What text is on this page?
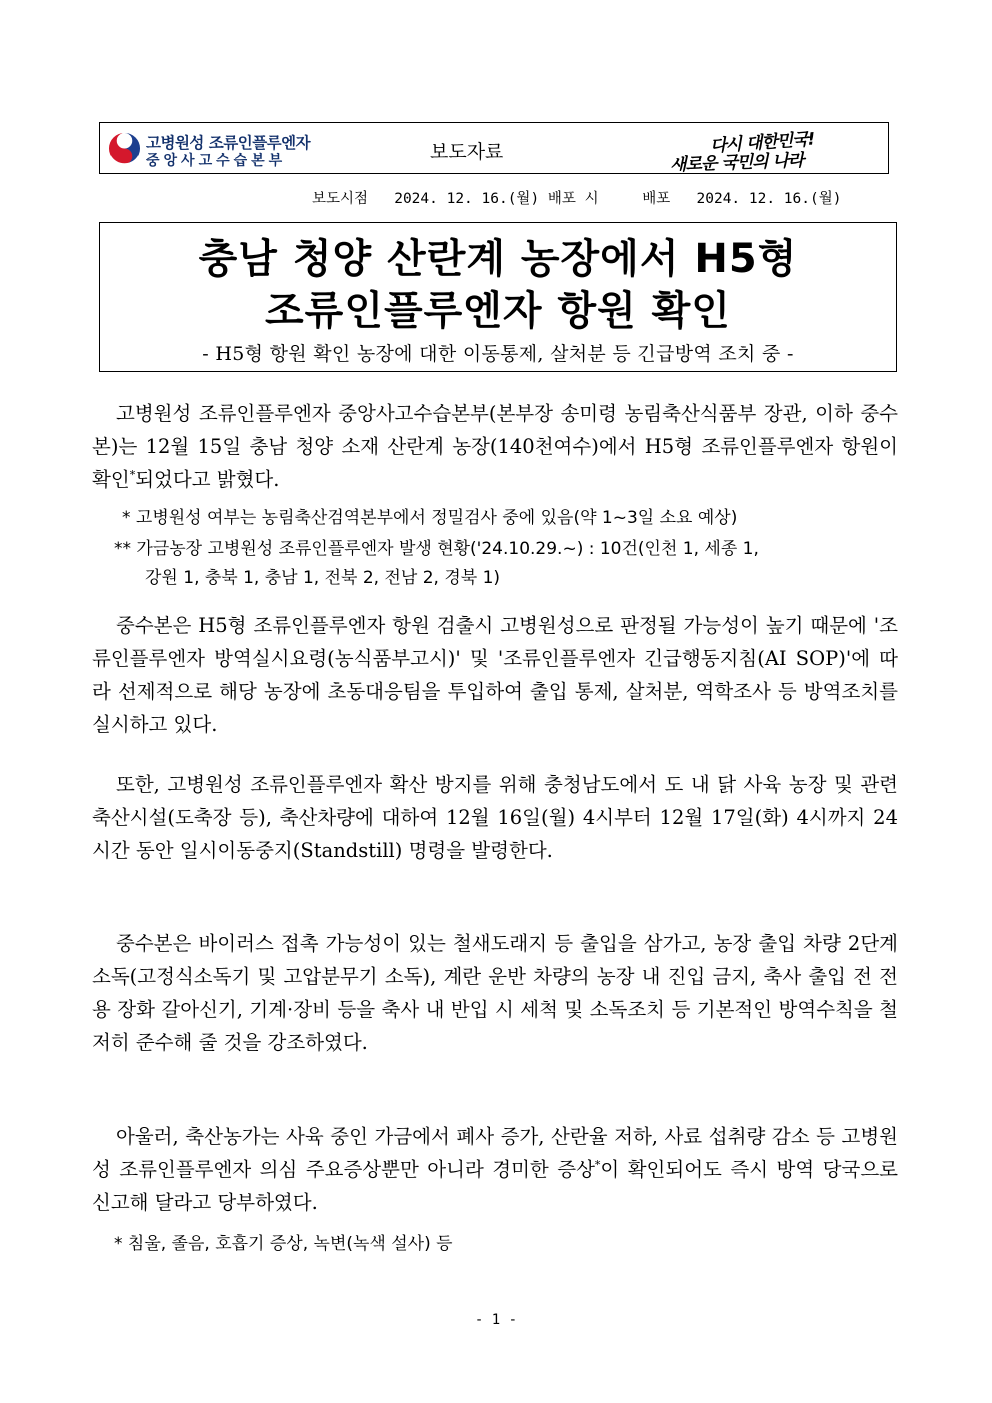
고병원성 조류인플루엔자
중앙사고수습본부	보도자료	다시 대한민국!
새로운 국민의 나라
보도시점   2024. 12. 16.(월) 배포 시     배포   2024. 12. 16.(월)
충남 청양 산란계 농장에서 H5형
조류인플루엔자 항원 확인
- H5형 항원 확인 농장에 대한 이동통제, 살처분 등 긴급방역 조치 중 -

고병원성 조류인플루엔자 중앙사고수습본부(본부장 송미령 농림축산식품부 장관, 이하 중수본)는 12월 15일 충남 청양 소재 산란계 농장(140천여수)에서 H5형 조류인플루엔자 항원이 확인*되었다고 밝혔다.

* 고병원성 여부는 농림축산검역본부에서 정밀검사 중에 있음(약 1~3일 소요 예상)
** 가금농장 고병원성 조류인플루엔자 발생 현황('24.10.29.~) : 10건(인천 1, 세종 1,
강원 1, 충북 1, 충남 1, 전북 2, 전남 2, 경북 1)

중수본은 H5형 조류인플루엔자 항원 검출시 고병원성으로 판정될 가능성이 높기 때문에 '조류인플루엔자 방역실시요령(농식품부고시)' 및 '조류인플루엔자 긴급행동지침(AI SOP)'에 따라 선제적으로 해당 농장에 초동대응팀을 투입하여 출입 통제, 살처분, 역학조사 등 방역조치를 실시하고 있다.

또한, 고병원성 조류인플루엔자 확산 방지를 위해 충청남도에서 도 내 닭 사육 농장 및 관련 축산시설(도축장 등), 축산차량에 대하여 12월 16일(월) 4시부터 12월 17일(화) 4시까지 24시간 동안 일시이동중지(Standstill) 명령을 발령한다.

중수본은 바이러스 접촉 가능성이 있는 철새도래지 등 출입을 삼가고, 농장 출입 차량 2단계 소독(고정식소독기 및 고압분무기 소독), 계란 운반 차량의 농장 내 진입 금지, 축사 출입 전 전용 장화 갈아신기, 기계·장비 등을 축사 내 반입 시 세척 및 소독조치 등 기본적인 방역수칙을 철저히 준수해 줄 것을 강조하였다.

아울러, 축산농가는 사육 중인 가금에서 폐사 증가, 산란율 저하, 사료 섭취량 감소 등 고병원성 조류인플루엔자 의심 주요증상뿐만 아니라 경미한 증상*이 확인되어도 즉시 방역 당국으로 신고해 달라고 당부하였다.

* 침울, 졸음, 호흡기 증상, 녹변(녹색 설사) 등
- 1 -
